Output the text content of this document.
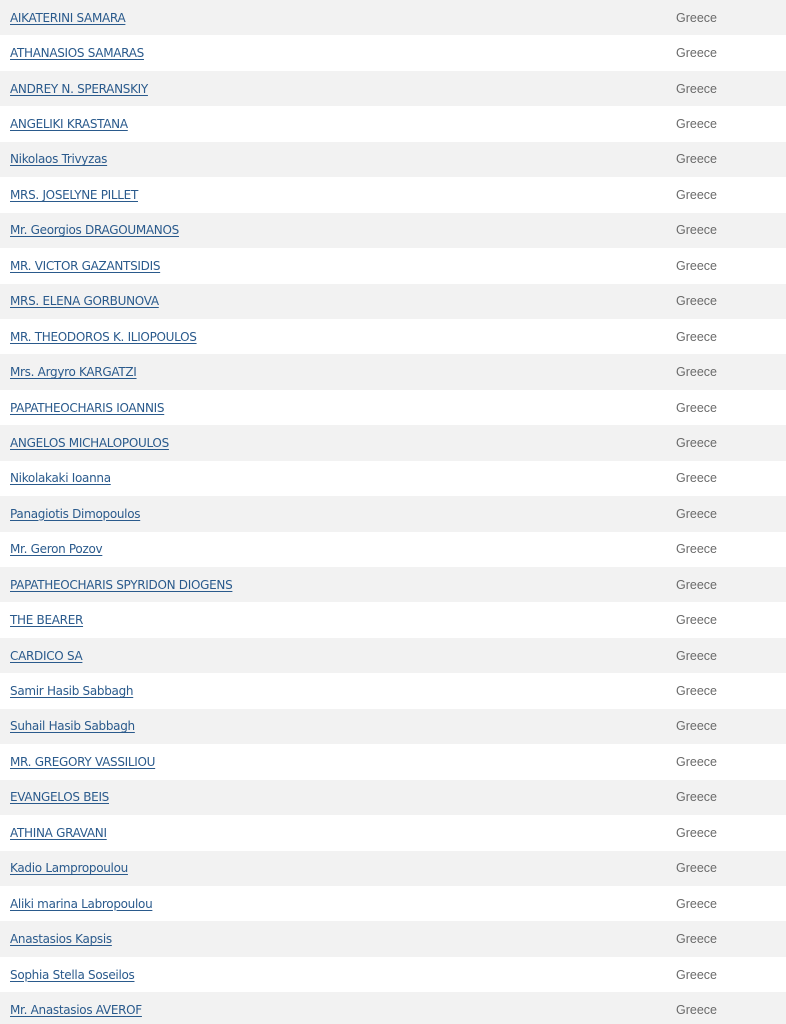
AIKATERINI SAMARA	Greece
ATHANASIOS SAMARAS	Greece
ANDREY N. SPERANSKIY	Greece
ANGELIKI KRASTANA	Greece
Nikolaos Trivyzas	Greece
MRS. JOSELYNE PILLET	Greece
Mr. Georgios DRAGOUMANOS	Greece
MR. VICTOR GAZANTSIDIS	Greece
MRS. ELENA GORBUNOVA	Greece
MR. THEODOROS K. ILIOPOULOS	Greece
Mrs. Argyro KARGATZI	Greece
PAPATHEOCHARIS IOANNIS	Greece
ANGELOS MICHALOPOULOS	Greece
Nikolakaki Ioanna	Greece
Panagiotis Dimopoulos	Greece
Mr. Geron Pozov	Greece
PAPATHEOCHARIS SPYRIDON DIOGENS	Greece
THE BEARER	Greece
CARDICO SA	Greece
Samir Hasib Sabbagh	Greece
Suhail Hasib Sabbagh	Greece
MR. GREGORY VASSILIOU	Greece
EVANGELOS BEIS	Greece
ATHINA GRAVANI	Greece
Kadio Lampropoulou	Greece
Aliki marina Labropoulou	Greece
Anastasios Kapsis	Greece
Sophia Stella Soseilos	Greece
Mr. Anastasios AVEROF	Greece
